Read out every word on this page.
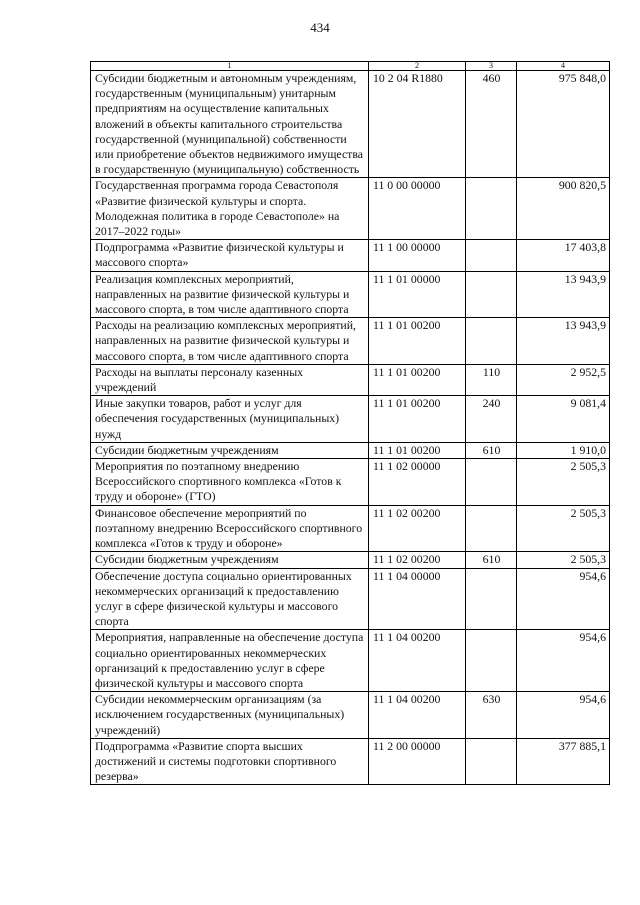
434
1	2	3	4
Субсидии бюджетным и автономным учреждениям, государственным (муниципальным) унитарным предприятиям на осуществление капитальных вложений в объекты капитального строительства государственной (муниципальной) собственности или приобретение объектов недвижимого имущества в государственную (муниципальную) собственность	10 2 04 R1880	460	975 848,0
Государственная программа города Севастополя «Развитие физической культуры и спорта. Молодежная политика в городе Севастополе» на 2017–2022 годы»	11 0 00 00000		900 820,5
Подпрограмма «Развитие физической культуры и массового спорта»	11 1 00 00000		17 403,8
Реализация комплексных мероприятий, направленных на развитие физической культуры и массового спорта, в том числе адаптивного спорта	11 1 01 00000		13 943,9
Расходы на реализацию комплексных мероприятий, направленных на развитие физической культуры и массового спорта, в том числе адаптивного спорта	11 1 01 00200		13 943,9
Расходы на выплаты персоналу казенных учреждений	11 1 01 00200	110	2 952,5
Иные закупки товаров, работ и услуг для обеспечения государственных (муниципальных) нужд	11 1 01 00200	240	9 081,4
Субсидии бюджетным учреждениям	11 1 01 00200	610	1 910,0
Мероприятия по поэтапному внедрению Всероссийского спортивного комплекса «Готов к труду и обороне» (ГТО)	11 1 02 00000		2 505,3
Финансовое обеспечение мероприятий по поэтапному внедрению Всероссийского спортивного комплекса «Готов к труду и обороне»	11 1 02 00200		2 505,3
Субсидии бюджетным учреждениям	11 1 02 00200	610	2 505,3
Обеспечение доступа социально ориентированных некоммерческих организаций к предоставлению услуг в сфере физической культуры и массового спорта	11 1 04 00000		954,6
Мероприятия, направленные на обеспечение доступа социально ориентированных некоммерческих организаций к предоставлению услуг в сфере физической культуры и массового спорта	11 1 04 00200		954,6
Субсидии некоммерческим организациям (за исключением государственных (муниципальных) учреждений)	11 1 04 00200	630	954,6
Подпрограмма «Развитие спорта высших достижений и системы подготовки спортивного резерва»	11 2 00 00000		377 885,1
